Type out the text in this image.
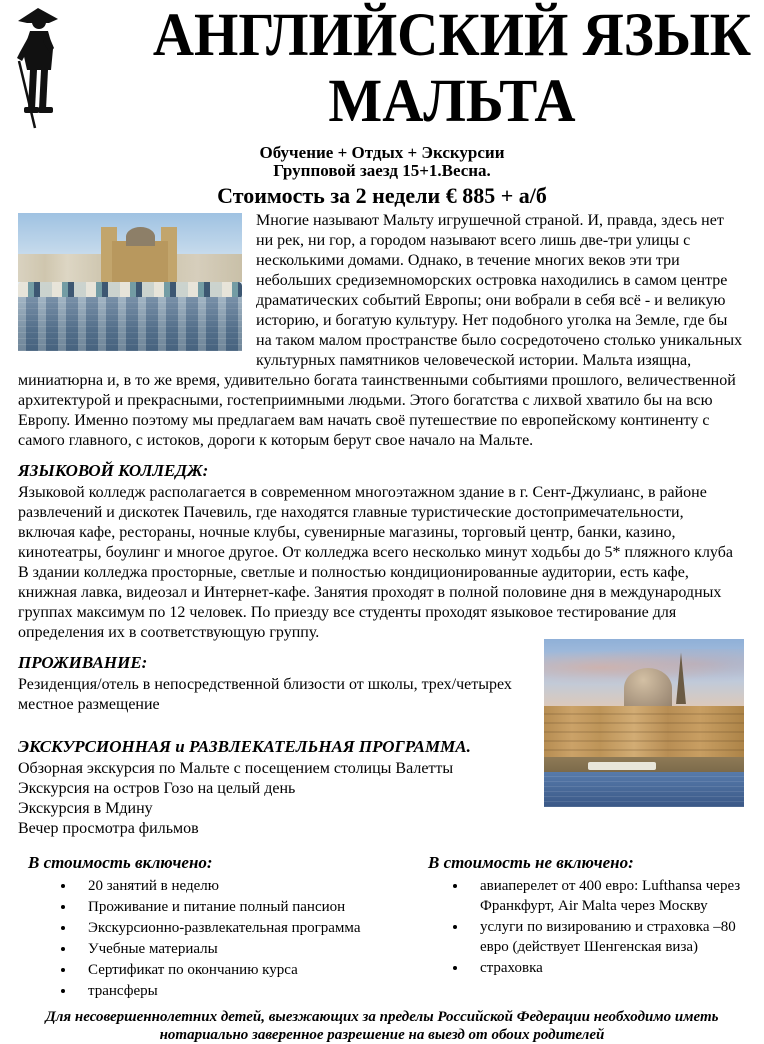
АНГЛИЙСКИЙ ЯЗЫК
МАЛЬТА
Обучение + Отдых + Экскурсии
Групповой заезд 15+1.Весна.
Стоимость за 2 недели € 885 + а/б
Многие называют Мальту игрушечной страной. И, правда, здесь нет ни рек, ни гор, а городом называют всего лишь две-три улицы с несколькими домами. Однако, в течение многих веков эти три небольших средиземноморских островка находились в самом центре драматических событий Европы; они вобрали в себя всё - и великую историю, и богатую культуру. Нет подобного уголка на Земле, где бы на таком малом пространстве было сосредоточено столько уникальных культурных памятников человеческой истории. Мальта изящна, миниатюрна и, в то же время, удивительно богата таинственными событиями прошлого, величественной архитектурой и прекрасными, гостеприимными людьми. Этого богатства с лихвой хватило бы на всю Европу. Именно поэтому мы предлагаем вам начать своё путешествие по европейскому континенту с самого главного, с истоков, дороги к которым берут свое начало на Мальте.
ЯЗЫКОВОЙ КОЛЛЕДЖ:

Языковой колледж располагается в современном многоэтажном здание в г. Сент-Джулианс, в районе развлечений и дискотек Пачевиль, где находятся главные туристические достопримечательности, включая кафе, рестораны, ночные клубы, сувенирные магазины, торговый центр, банки, казино, кинотеатры, боулинг и многое другое. От колледжа всего несколько минут ходьбы до 5* пляжного клуба В здании колледжа просторные, светлые и полностью кондиционированные аудитории, есть кафе, книжная лавка, видеозал и Интернет-кафе. Занятия проходят в полной половине дня в международных группах максимум по 12 человек. По приезду все студенты проходят языковое тестирование для определения их в соответствующую группу.

ПРОЖИВАНИЕ:
Резиденция/отель в непосредственной близости от школы, трех/четырех местное размещение
ЭКСКУРСИОННАЯ и РАЗВЛЕКАТЕЛЬНАЯ ПРОГРАММА.
Обзорная экскурсия по Мальте с посещением столицы Валетты
Экскурсия на остров Гозо на целый день
Экскурсия в Мдину
Вечер просмотра фильмов
В стоимость включено:
• 20 занятий в неделю
• Проживание и питание полный пансион
• Экскурсионно-развлекательная программа
• Учебные материалы
• Сертификат по окончанию курса
• трансферы
В стоимость не включено:
• авиаперелет от 400 евро: Lufthansa через Франкфурт, Air Malta через Москву
• услуги по визированию и страховка –80 евро (действует Шенгенская виза)
• страховка
Для несовершеннолетних детей, выезжающих за пределы Российской Федерации необходимо иметь нотариально заверенное разрешение на выезд от обоих родителей
